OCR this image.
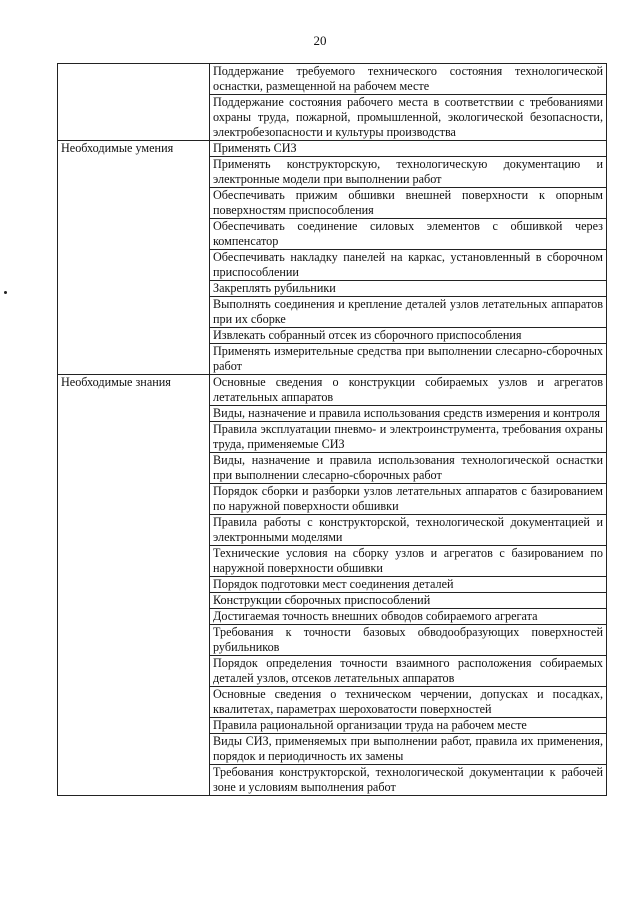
20
	Поддержание требуемого технического состояния технологической оснастки, размещенной на рабочем месте
	Поддержание состояния рабочего места в соответствии с требованиями охраны труда, пожарной, промышленной, экологической безопасности, электробезопасности и культуры производства
Необходимые умения	Применять СИЗ
	Применять конструкторскую, технологическую документацию и электронные модели при выполнении работ
	Обеспечивать прижим обшивки внешней поверхности к опорным поверхностям приспособления
	Обеспечивать соединение силовых элементов с обшивкой через компенсатор
	Обеспечивать накладку панелей на каркас, установленный в сборочном приспособлении
	Закреплять рубильники
	Выполнять соединения и крепление деталей узлов летательных аппаратов при их сборке
	Извлекать собранный отсек из сборочного приспособления
	Применять измерительные средства при выполнении слесарно-сборочных работ
Необходимые знания	Основные сведения о конструкции собираемых узлов и агрегатов летательных аппаратов
	Виды, назначение и правила использования средств измерения и контроля
	Правила эксплуатации пневмо- и электроинструмента, требования охраны труда, применяемые СИЗ
	Виды, назначение и правила использования технологической оснастки при выполнении слесарно-сборочных работ
	Порядок сборки и разборки узлов летательных аппаратов с базированием по наружной поверхности обшивки
	Правила работы с конструкторской, технологической документацией и электронными моделями
	Технические условия на сборку узлов и агрегатов с базированием по наружной поверхности обшивки
	Порядок подготовки мест соединения деталей
	Конструкции сборочных приспособлений
	Достигаемая точность внешних обводов собираемого агрегата
	Требования к точности базовых обводообразующих поверхностей рубильников
	Порядок определения точности взаимного расположения собираемых деталей узлов, отсеков летательных аппаратов
	Основные сведения о техническом черчении, допусках и посадках, квалитетах, параметрах шероховатости поверхностей
	Правила рациональной организации труда на рабочем месте
	Виды СИЗ, применяемых при выполнении работ, правила их применения, порядок и периодичность их замены
	Требования конструкторской, технологической документации к рабочей зоне и условиям выполнения работ
